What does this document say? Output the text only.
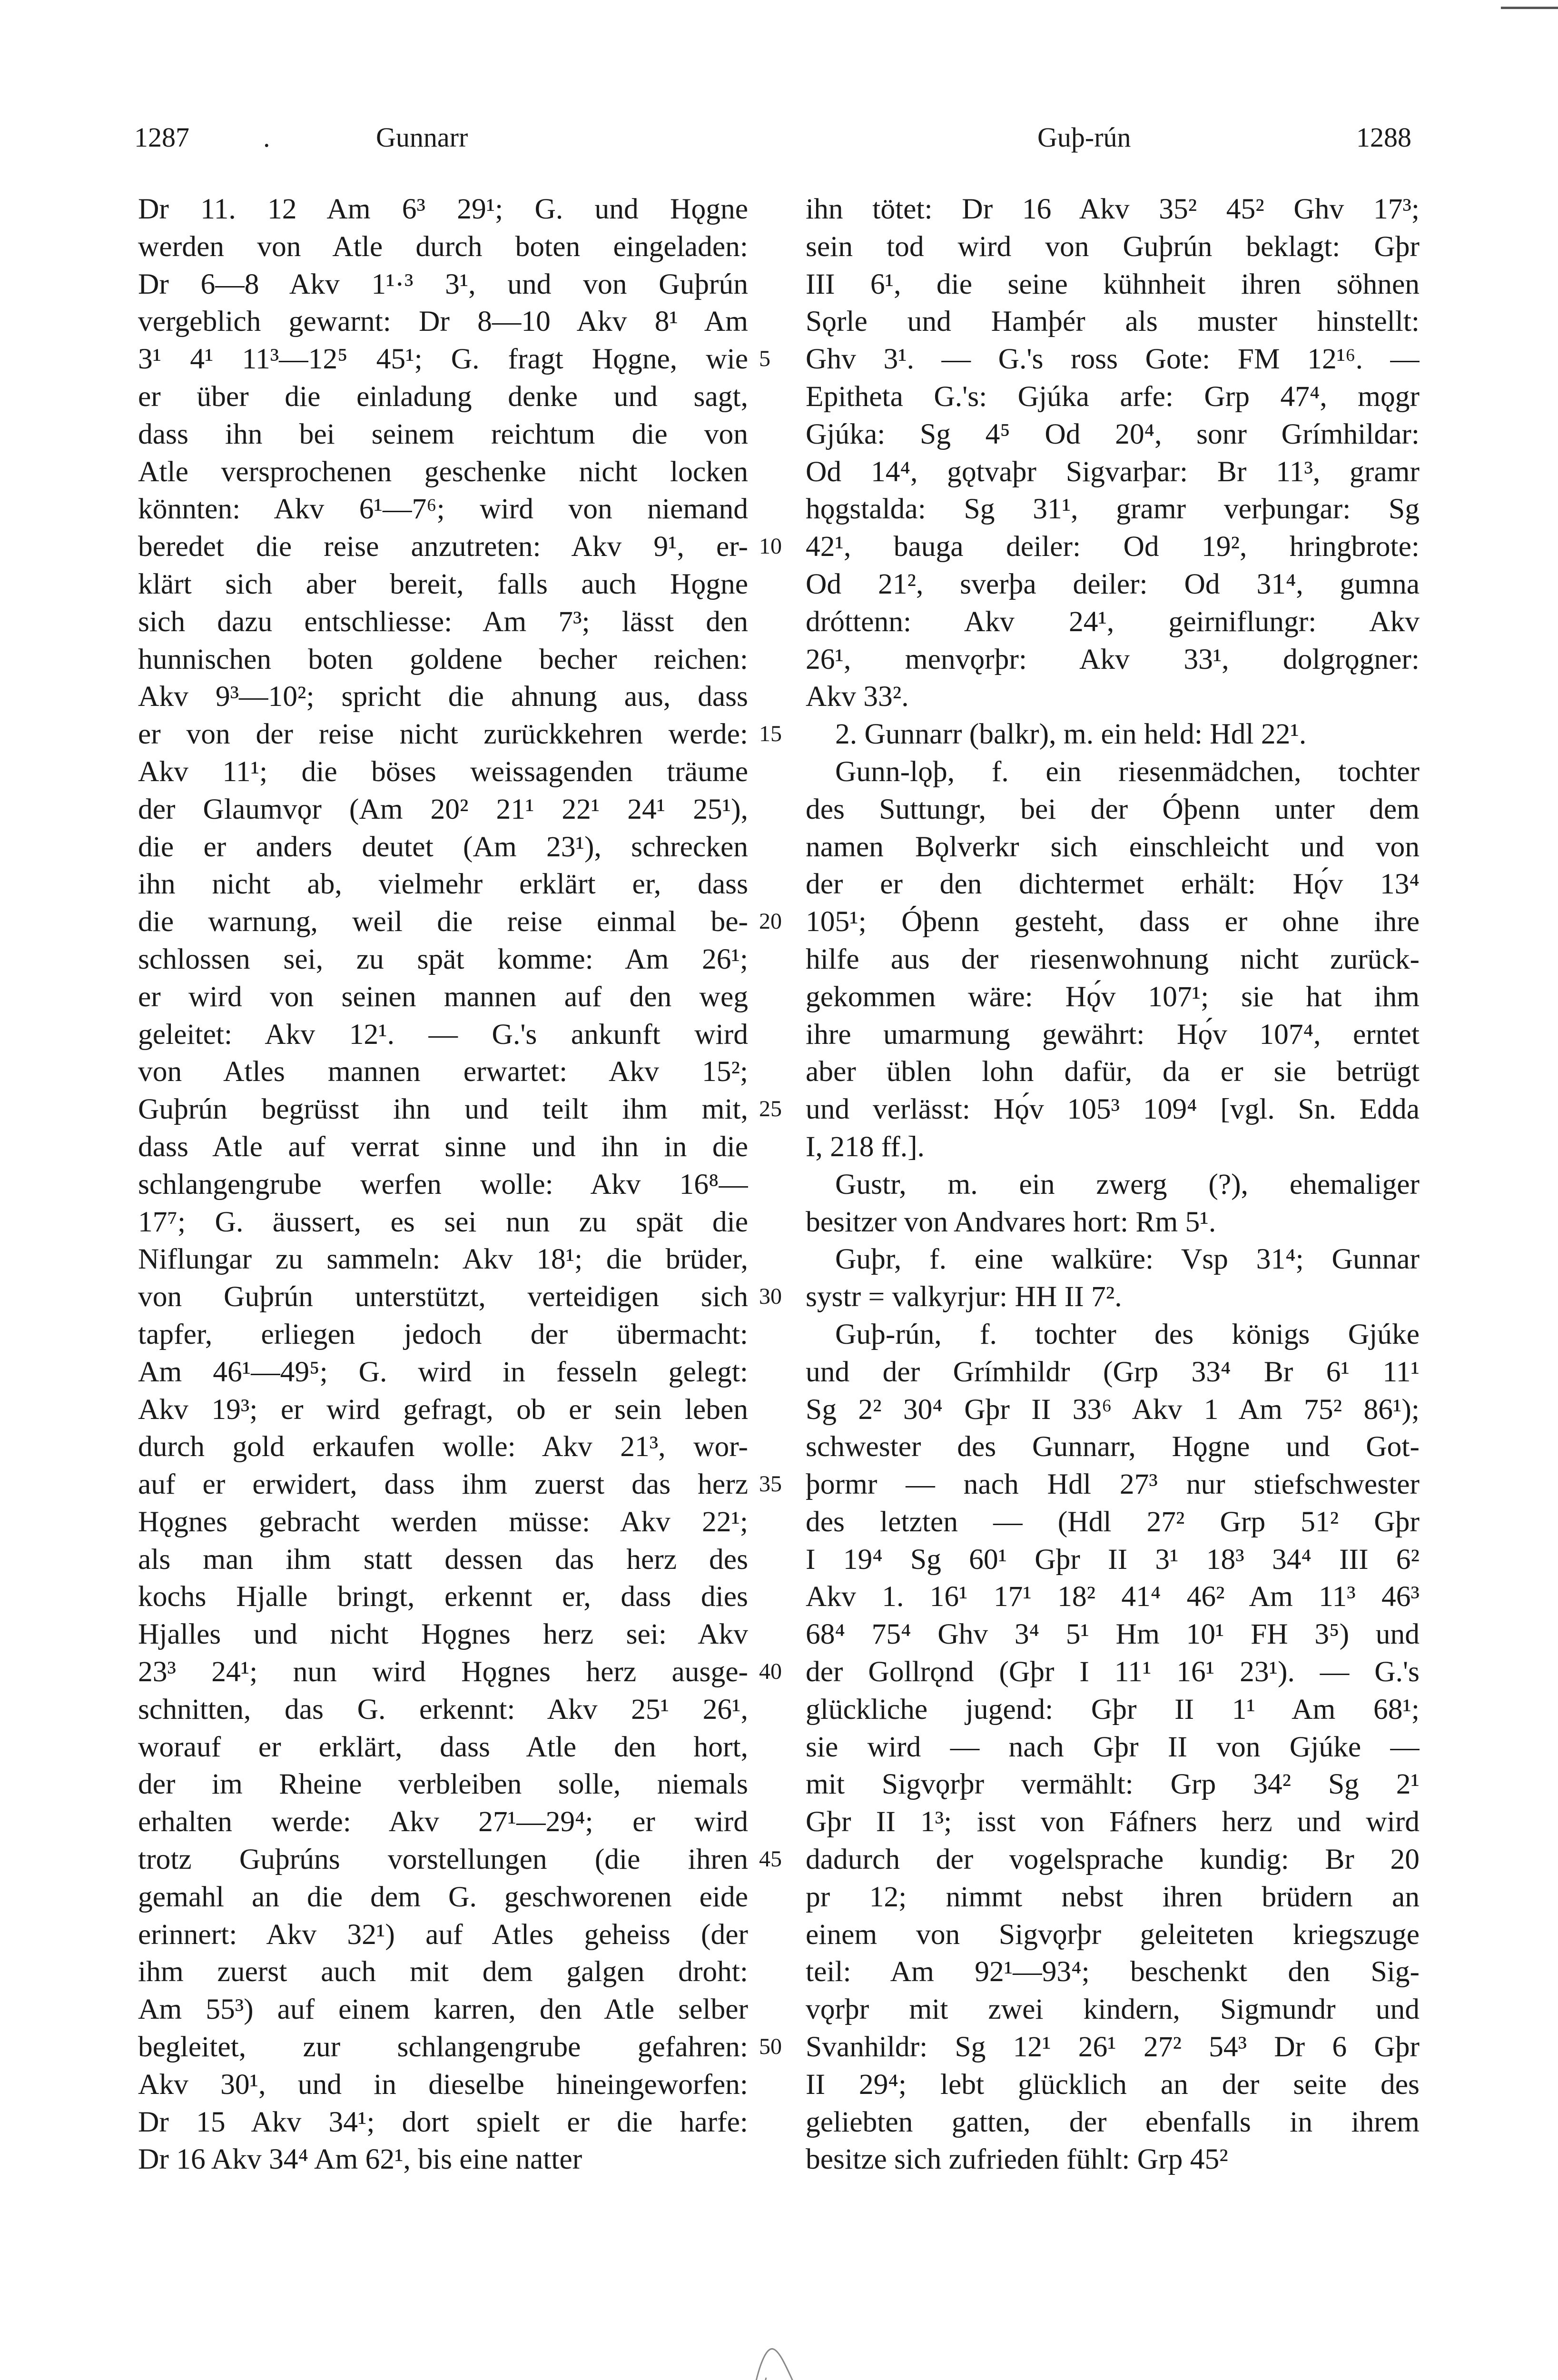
1287	.	Gunnarr	Guþ-rún	1288
Dr 11. 12 Am 6³ 29¹; G. und Hǫgne
werden von Atle durch boten eingeladen:
Dr 6—8 Akv 1¹·³ 3¹, und von Guþrún
vergeblich gewarnt: Dr 8—10 Akv 8¹ Am
3¹ 4¹ 11³—12⁵ 45¹; G. fragt Hǫgne, wie
er über die einladung denke und sagt,
dass ihn bei seinem reichtum die von
Atle versprochenen geschenke nicht locken
könnten: Akv 6¹—7⁶; wird von niemand
beredet die reise anzutreten: Akv 9¹, er-
klärt sich aber bereit, falls auch Hǫgne
sich dazu entschliesse: Am 7³; lässt den
hunnischen boten goldene becher reichen:
Akv 9³—10²; spricht die ahnung aus, dass
er von der reise nicht zurückkehren werde:
Akv 11¹; die böses weissagenden träume
der Glaumvǫr (Am 20² 21¹ 22¹ 24¹ 25¹),
die er anders deutet (Am 23¹), schrecken
ihn nicht ab, vielmehr erklärt er, dass
die warnung, weil die reise einmal be-
schlossen sei, zu spät komme: Am 26¹;
er wird von seinen mannen auf den weg
geleitet: Akv 12¹. — G.'s ankunft wird
von Atles mannen erwartet: Akv 15²;
Guþrún begrüsst ihn und teilt ihm mit,
dass Atle auf verrat sinne und ihn in die
schlangengrube werfen wolle: Akv 16⁸—
17⁷; G. äussert, es sei nun zu spät die
Niflungar zu sammeln: Akv 18¹; die brüder,
von Guþrún unterstützt, verteidigen sich
tapfer, erliegen jedoch der übermacht:
Am 46¹—49⁵; G. wird in fesseln gelegt:
Akv 19³; er wird gefragt, ob er sein leben
durch gold erkaufen wolle: Akv 21³, wor-
auf er erwidert, dass ihm zuerst das herz
Hǫgnes gebracht werden müsse: Akv 22¹;
als man ihm statt dessen das herz des
kochs Hjalle bringt, erkennt er, dass dies
Hjalles und nicht Hǫgnes herz sei: Akv
23³ 24¹; nun wird Hǫgnes herz ausge-
schnitten, das G. erkennt: Akv 25¹ 26¹,
worauf er erklärt, dass Atle den hort,
der im Rheine verbleiben solle, niemals
erhalten werde: Akv 27¹—29⁴; er wird
trotz Guþrúns vorstellungen (die ihren
gemahl an die dem G. geschworenen eide
erinnert: Akv 32¹) auf Atles geheiss (der
ihm zuerst auch mit dem galgen droht:
Am 55³) auf einem karren, den Atle selber
begleitet, zur schlangengrube gefahren:
Akv 30¹, und in dieselbe hineingeworfen:
Dr 15 Akv 34¹; dort spielt er die harfe:
Dr 16 Akv 34⁴ Am 62¹, bis eine natter
5
10
15
20
25
30
35
40
45
50
ihn tötet: Dr 16 Akv 35² 45² Ghv 17³;
sein tod wird von Guþrún beklagt: Gþr
III 6¹, die seine kühnheit ihren söhnen
Sǫrle und Hamþér als muster hinstellt:
Ghv 3¹. — G.'s ross Gote: FM 12¹⁶. —
Epitheta G.'s: Gjúka arfe: Grp 47⁴, mǫgr
Gjúka: Sg 4⁵ Od 20⁴, sonr Grímhildar:
Od 14⁴, gǫtvaþr Sigvarþar: Br 11³, gramr
hǫgstalda: Sg 31¹, gramr verþungar: Sg
42¹, bauga deiler: Od 19², hringbrote:
Od 21², sverþa deiler: Od 31⁴, gumna
dróttenn: Akv 24¹, geirniflungr: Akv
26¹, menvǫrþr: Akv 33¹, dolgrǫgner:
Akv 33².
2. Gunnarr (balkr), m. ein held: Hdl 22¹.
Gunn-lǫþ, f. ein riesenmädchen, tochter
des Suttungr, bei der Óþenn unter dem
namen Bǫlverkr sich einschleicht und von
der er den dichtermet erhält: Hǫ́v 13⁴
105¹; Óþenn gesteht, dass er ohne ihre
hilfe aus der riesenwohnung nicht zurück-
gekommen wäre: Hǫ́v 107¹; sie hat ihm
ihre umarmung gewährt: Hǫ́v 107⁴, erntet
aber üblen lohn dafür, da er sie betrügt
und verlässt: Hǫ́v 105³ 109⁴ [vgl. Sn. Edda
I, 218 ff.].
Gustr, m. ein zwerg (?), ehemaliger
besitzer von Andvares hort: Rm 5¹.
Guþr, f. eine walküre: Vsp 31⁴; Gunnar
systr = valkyrjur: HH II 7².
Guþ-rún, f. tochter des königs Gjúke
und der Grímhildr (Grp 33⁴ Br 6¹ 11¹
Sg 2² 30⁴ Gþr II 33⁶ Akv 1 Am 75² 86¹);
schwester des Gunnarr, Hǫgne und Got-
þormr — nach Hdl 27³ nur stiefschwester
des letzten — (Hdl 27² Grp 51² Gþr
I 19⁴ Sg 60¹ Gþr II 3¹ 18³ 34⁴ III 6²
Akv 1. 16¹ 17¹ 18² 41⁴ 46² Am 11³ 46³
68⁴ 75⁴ Ghv 3⁴ 5¹ Hm 10¹ FH 3⁵) und
der Gollrǫnd (Gþr I 11¹ 16¹ 23¹). — G.'s
glückliche jugend: Gþr II 1¹ Am 68¹;
sie wird — nach Gþr II von Gjúke —
mit Sigvǫrþr vermählt: Grp 34² Sg 2¹
Gþr II 1³; isst von Fáfners herz und wird
dadurch der vogelsprache kundig: Br 20
pr 12; nimmt nebst ihren brüdern an
einem von Sigvǫrþr geleiteten kriegszuge
teil: Am 92¹—93⁴; beschenkt den Sig-
vǫrþr mit zwei kindern, Sigmundr und
Svanhildr: Sg 12¹ 26¹ 27² 54³ Dr 6 Gþr
II 29⁴; lebt glücklich an der seite des
geliebten gatten, der ebenfalls in ihrem
besitze sich zufrieden fühlt: Grp 45²
